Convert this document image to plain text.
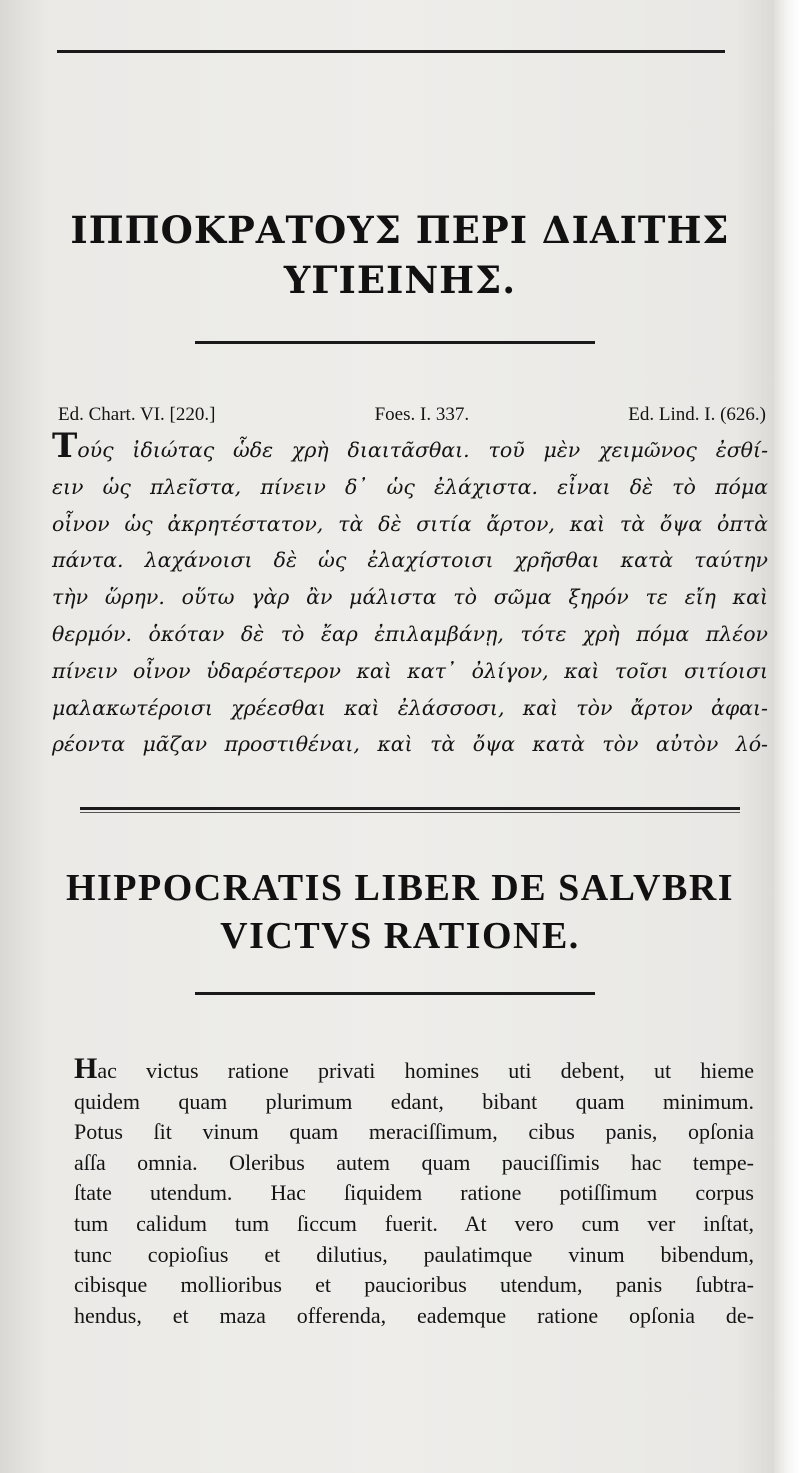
ΙΠΠΟΚΡΑΤΟΥΣ ΠΕΡΙ ΔΙΑΙΤΗΣ
ΥΓΙΕΙΝΗΣ.
Ed. Chart. VI. [220.]	Foes. I. 337.	Ed. Lind. I. (626.)
Τούς ἰδιώτας ὧδε χρὴ διαιτᾶσθαι. τοῦ μὲν χειμῶνος ἐσθί-
ειν ὡς πλεῖστα, πίνειν δ᾽ ὡς ἐλάχιστα. εἶναι δὲ τὸ πόμα
οἶνον ὡς ἀκρητέστατον, τὰ δὲ σιτία ἄρτον, καὶ τὰ ὄψα ὀπτὰ
πάντα. λαχάνοισι δὲ ὡς ἐλαχίστοισι χρῆσθαι κατὰ ταύτην
τὴν ὥρην. οὕτω γὰρ ἂν μάλιστα τὸ σῶμα ξηρόν τε εἴη καὶ
θερμόν. ὁκόταν δὲ τὸ ἔαρ ἐπιλαμβάνῃ, τότε χρὴ πόμα πλέον
πίνειν οἶνον ὑδαρέστερον καὶ κατ᾽ ὀλίγον, καὶ τοῖσι σιτίοισι
μαλακωτέροισι χρέεσθαι καὶ ἐλάσσοσι, καὶ τὸν ἄρτον ἀφαι-
ρέοντα μᾶζαν προστιθέναι, καὶ τὰ ὄψα κατὰ τὸν αὐτὸν λό-
HIPPOCRATIS LIBER DE SALVBRI
VICTVS RATIONE.
Hac victus ratione privati homines uti debent, ut hieme
quidem quam plurimum edant, bibant quam minimum.
Potus ſit vinum quam meraciſſimum, cibus panis, opſonia
aſſa omnia. Oleribus autem quam pauciſſimis hac tempe-
ſtate utendum. Hac ſiquidem ratione potiſſimum corpus
tum calidum tum ſiccum fuerit. At vero cum ver inſtat,
tunc copioſius et dilutius, paulatimque vinum bibendum,
cibisque mollioribus et paucioribus utendum, panis ſubtra-
hendus, et maza offerenda, eademque ratione opſonia de-
